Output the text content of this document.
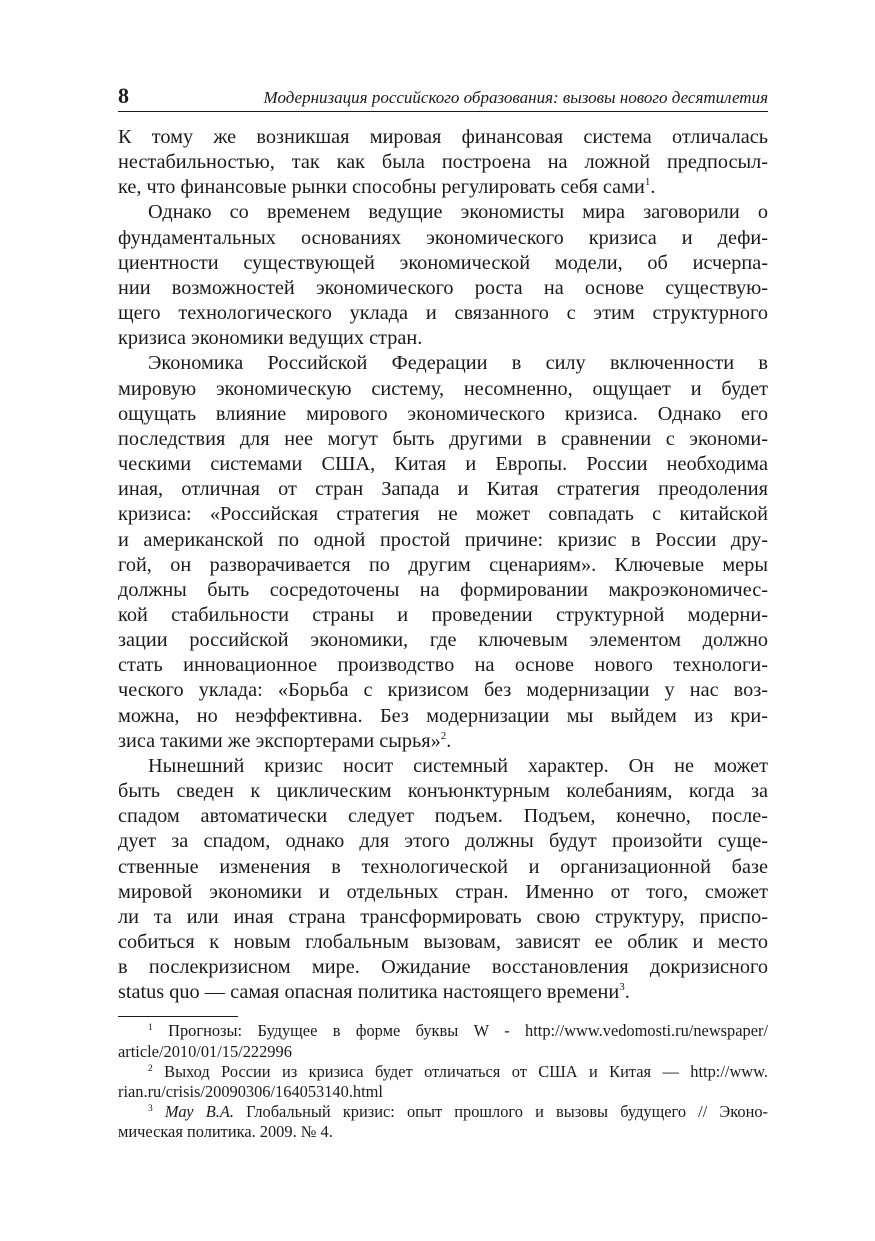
8	Модернизация российского образования: вызовы нового десятилетия

К тому же возникшая мировая финансовая система отличалась
нестабильностью, так как была построена на ложной предпосыл-
ке, что финансовые рынки способны регулировать себя сами$^1$.

Однако со временем ведущие экономисты мира заговорили о
фундаментальных основаниях экономического кризиса и дефи-
циентности существующей экономической модели, об исчерпа-
нии возможностей экономического роста на основе существую-
щего технологического уклада и связанного с этим структурного
кризиса экономики ведущих стран.

Экономика Российской Федерации в силу включенности в
мировую экономическую систему, несомненно, ощущает и будет
ощущать влияние мирового экономического кризиса. Однако его
последствия для нее могут быть другими в сравнении с экономи-
ческими системами США, Китая и Европы. России необходима
иная, отличная от стран Запада и Китая стратегия преодоления
кризиса: «Российская стратегия не может совпадать с китайской
и американской по одной простой причине: кризис в России дру-
гой, он разворачивается по другим сценариям». Ключевые меры
должны быть сосредоточены на формировании макроэкономичес-
кой стабильности страны и проведении структурной модерни-
зации российской экономики, где ключевым элементом должно
стать инновационное производство на основе нового технологи-
ческого уклада: «Борьба с кризисом без модернизации у нас воз-
можна, но неэффективна. Без модернизации мы выйдем из кри-
зиса такими же экспортерами сырья»$^2$.

Нынешний кризис носит системный характер. Он не может
быть сведен к циклическим конъюнктурным колебаниям, когда за
спадом автоматически следует подъем. Подъем, конечно, после-
дует за спадом, однако для этого должны будут произойти суще-
ственные изменения в технологической и организационной базе
мировой экономики и отдельных стран. Именно от того, сможет
ли та или иная страна трансформировать свою структуру, приспо-
собиться к новым глобальным вызовам, зависят ее облик и место
в послекризисном мире. Ожидание восстановления докризисного
status quo — самая опасная политика настоящего времени$^3$.

$^1$ Прогнозы: Будущее в форме буквы W - http://www.vedomosti.ru/newspaper/
article/2010/01/15/222996
$^2$ Выход России из кризиса будет отличаться от США и Китая — http://www.
rian.ru/crisis/20090306/164053140.html
$^3$ Мау В.А. Глобальный кризис: опыт прошлого и вызовы будущего // Эконо-
мическая политика. 2009. № 4.
